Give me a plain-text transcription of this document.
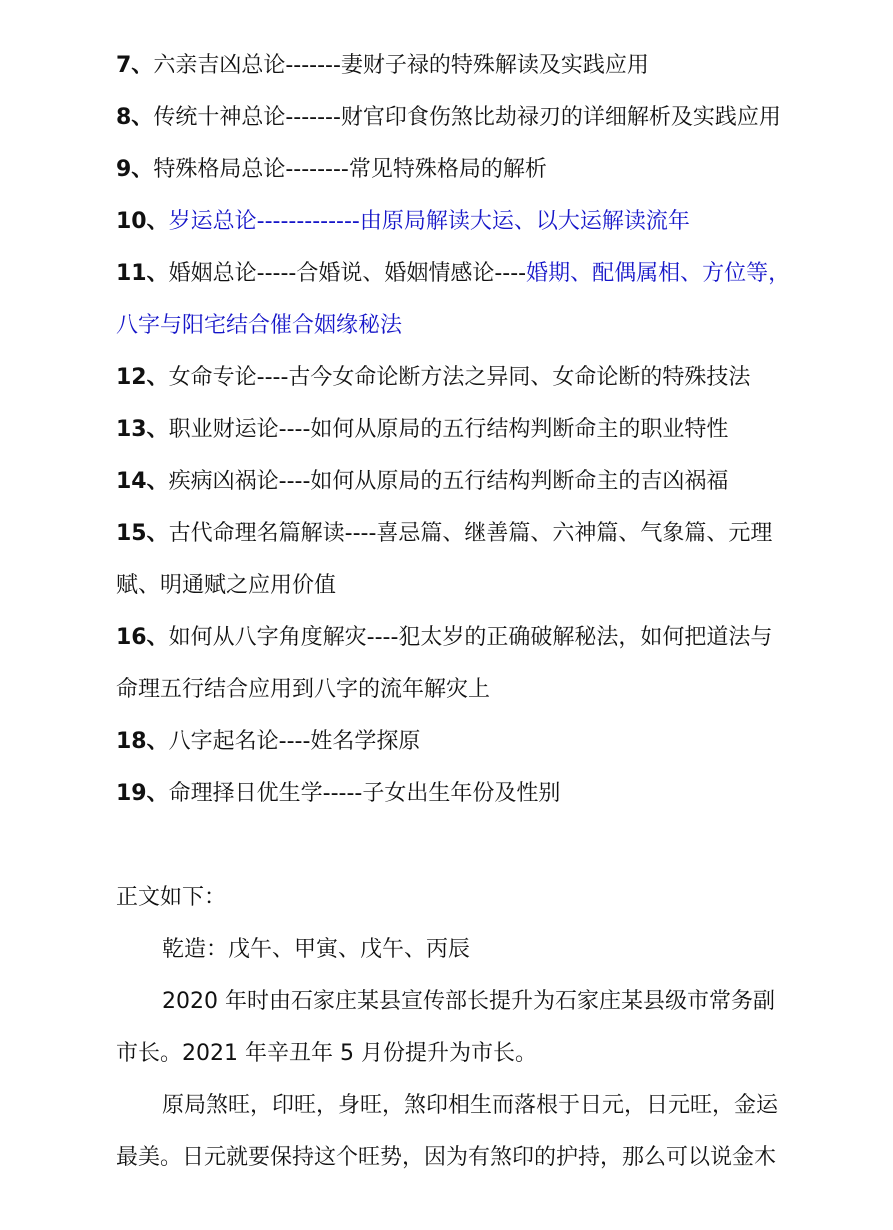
7、六亲吉凶总论-------妻财子禄的特殊解读及实践应用
8、传统十神总论-------财官印食伤煞比劫禄刃的详细解析及实践应用
9、特殊格局总论--------常见特殊格局的解析
10、岁运总论-------------由原局解读大运、以大运解读流年
11、婚姻总论-----合婚说、婚姻情感论----婚期、配偶属相、方位等，
八字与阳宅结合催合姻缘秘法
12、女命专论----古今女命论断方法之异同、女命论断的特殊技法
13、职业财运论----如何从原局的五行结构判断命主的职业特性
14、疾病凶祸论----如何从原局的五行结构判断命主的吉凶祸福
15、古代命理名篇解读----喜忌篇、继善篇、六神篇、气象篇、元理
赋、明通赋之应用价值
16、如何从八字角度解灾----犯太岁的正确破解秘法，如何把道法与
命理五行结合应用到八字的流年解灾上
18、八字起名论----姓名学探原
19、命理择日优生学-----子女出生年份及性别
正文如下：
乾造：戊午、甲寅、戊午、丙辰
2020 年时由石家庄某县宣传部长提升为石家庄某县级市常务副
市长。2021 年辛丑年 5 月份提升为市长。
原局煞旺，印旺，身旺，煞印相生而落根于日元，日元旺，金运
最美。日元就要保持这个旺势，因为有煞印的护持，那么可以说金木
